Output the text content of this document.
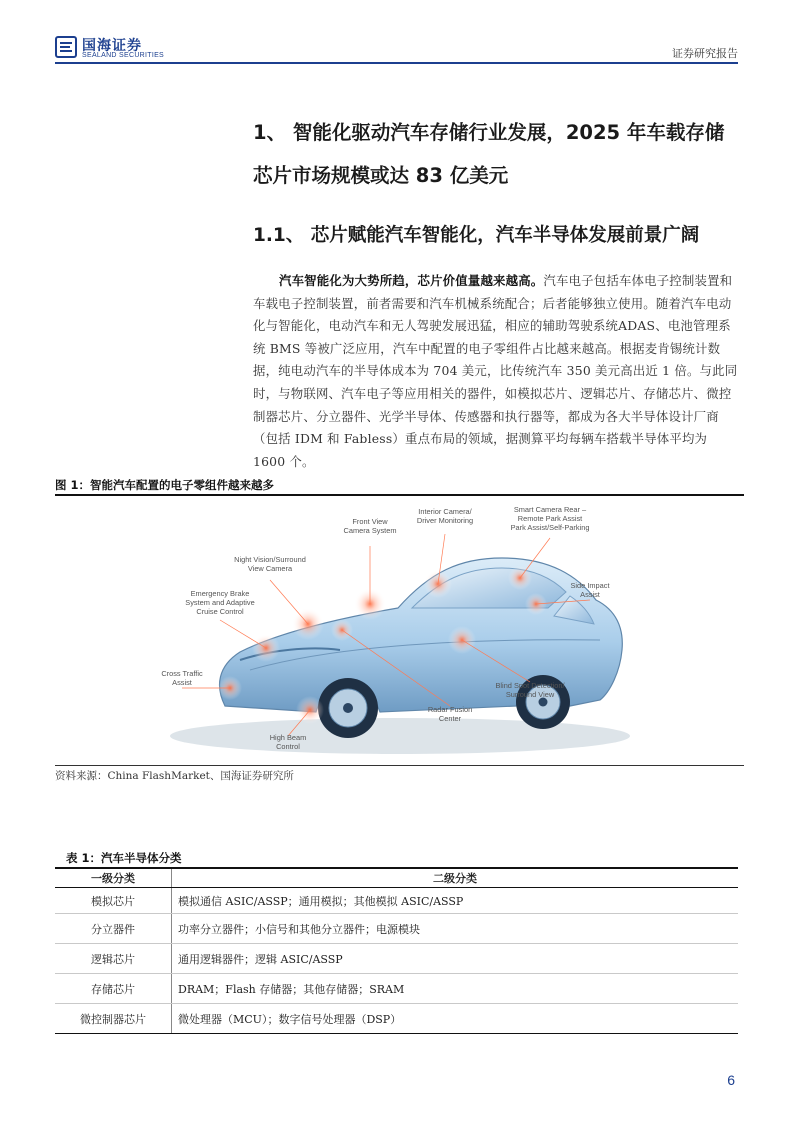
国海证券
SEALAND SECURITIES	证券研究报告
1、 智能化驱动汽车存储行业发展，2025 年车载存储
芯片市场规模或达 83 亿美元
1.1、 芯片赋能汽车智能化，汽车半导体发展前景广阔
汽车智能化为大势所趋，芯片价值量越来越高。汽车电子包括车体电子控制装置和车载电子控制装置，前者需要和汽车机械系统配合；后者能够独立使用。随着汽车电动化与智能化，电动汽车和无人驾驶发展迅猛，相应的辅助驾驶系统ADAS、电池管理系统 BMS 等被广泛应用，汽车中配置的电子零组件占比越来越高。根据麦肯锡统计数据，纯电动汽车的半导体成本为 704 美元，比传统汽车 350 美元高出近 1 倍。与此同时，与物联网、汽车电子等应用相关的器件，如模拟芯片、逻辑芯片、存储芯片、微控制器芯片、分立器件、光学半导体、传感器和执行器等，都成为各大半导体设计厂商（包括 IDM 和 Fabless）重点布局的领域，据测算平均每辆车搭载半导体平均为 1600 个。
图 1：智能汽车配置的电子零组件越来越多
Front View Camera System
Interior Camera/ Driver Monitoring
Smart Camera Rear – Remote Park Assist Park Assist/Self-Parking
Night Vision/Surround View Camera
Emergency Brake System and Adaptive Cruise Control
Side Impact Assist
Cross Traffic Assist	Blind Spot Detection/ Surround View
Radar Fusion Center
High Beam Control
资料来源：China FlashMarket、国海证券研究所
表 1：汽车半导体分类
一级分类	二级分类
模拟芯片	模拟通信 ASIC/ASSP；通用模拟；其他模拟 ASIC/ASSP
分立器件	功率分立器件；小信号和其他分立器件；电源模块
逻辑芯片	通用逻辑器件；逻辑 ASIC/ASSP
存储芯片	DRAM；Flash 存储器；其他存储器；SRAM
微控制器芯片	微处理器（MCU）；数字信号处理器（DSP）
6
